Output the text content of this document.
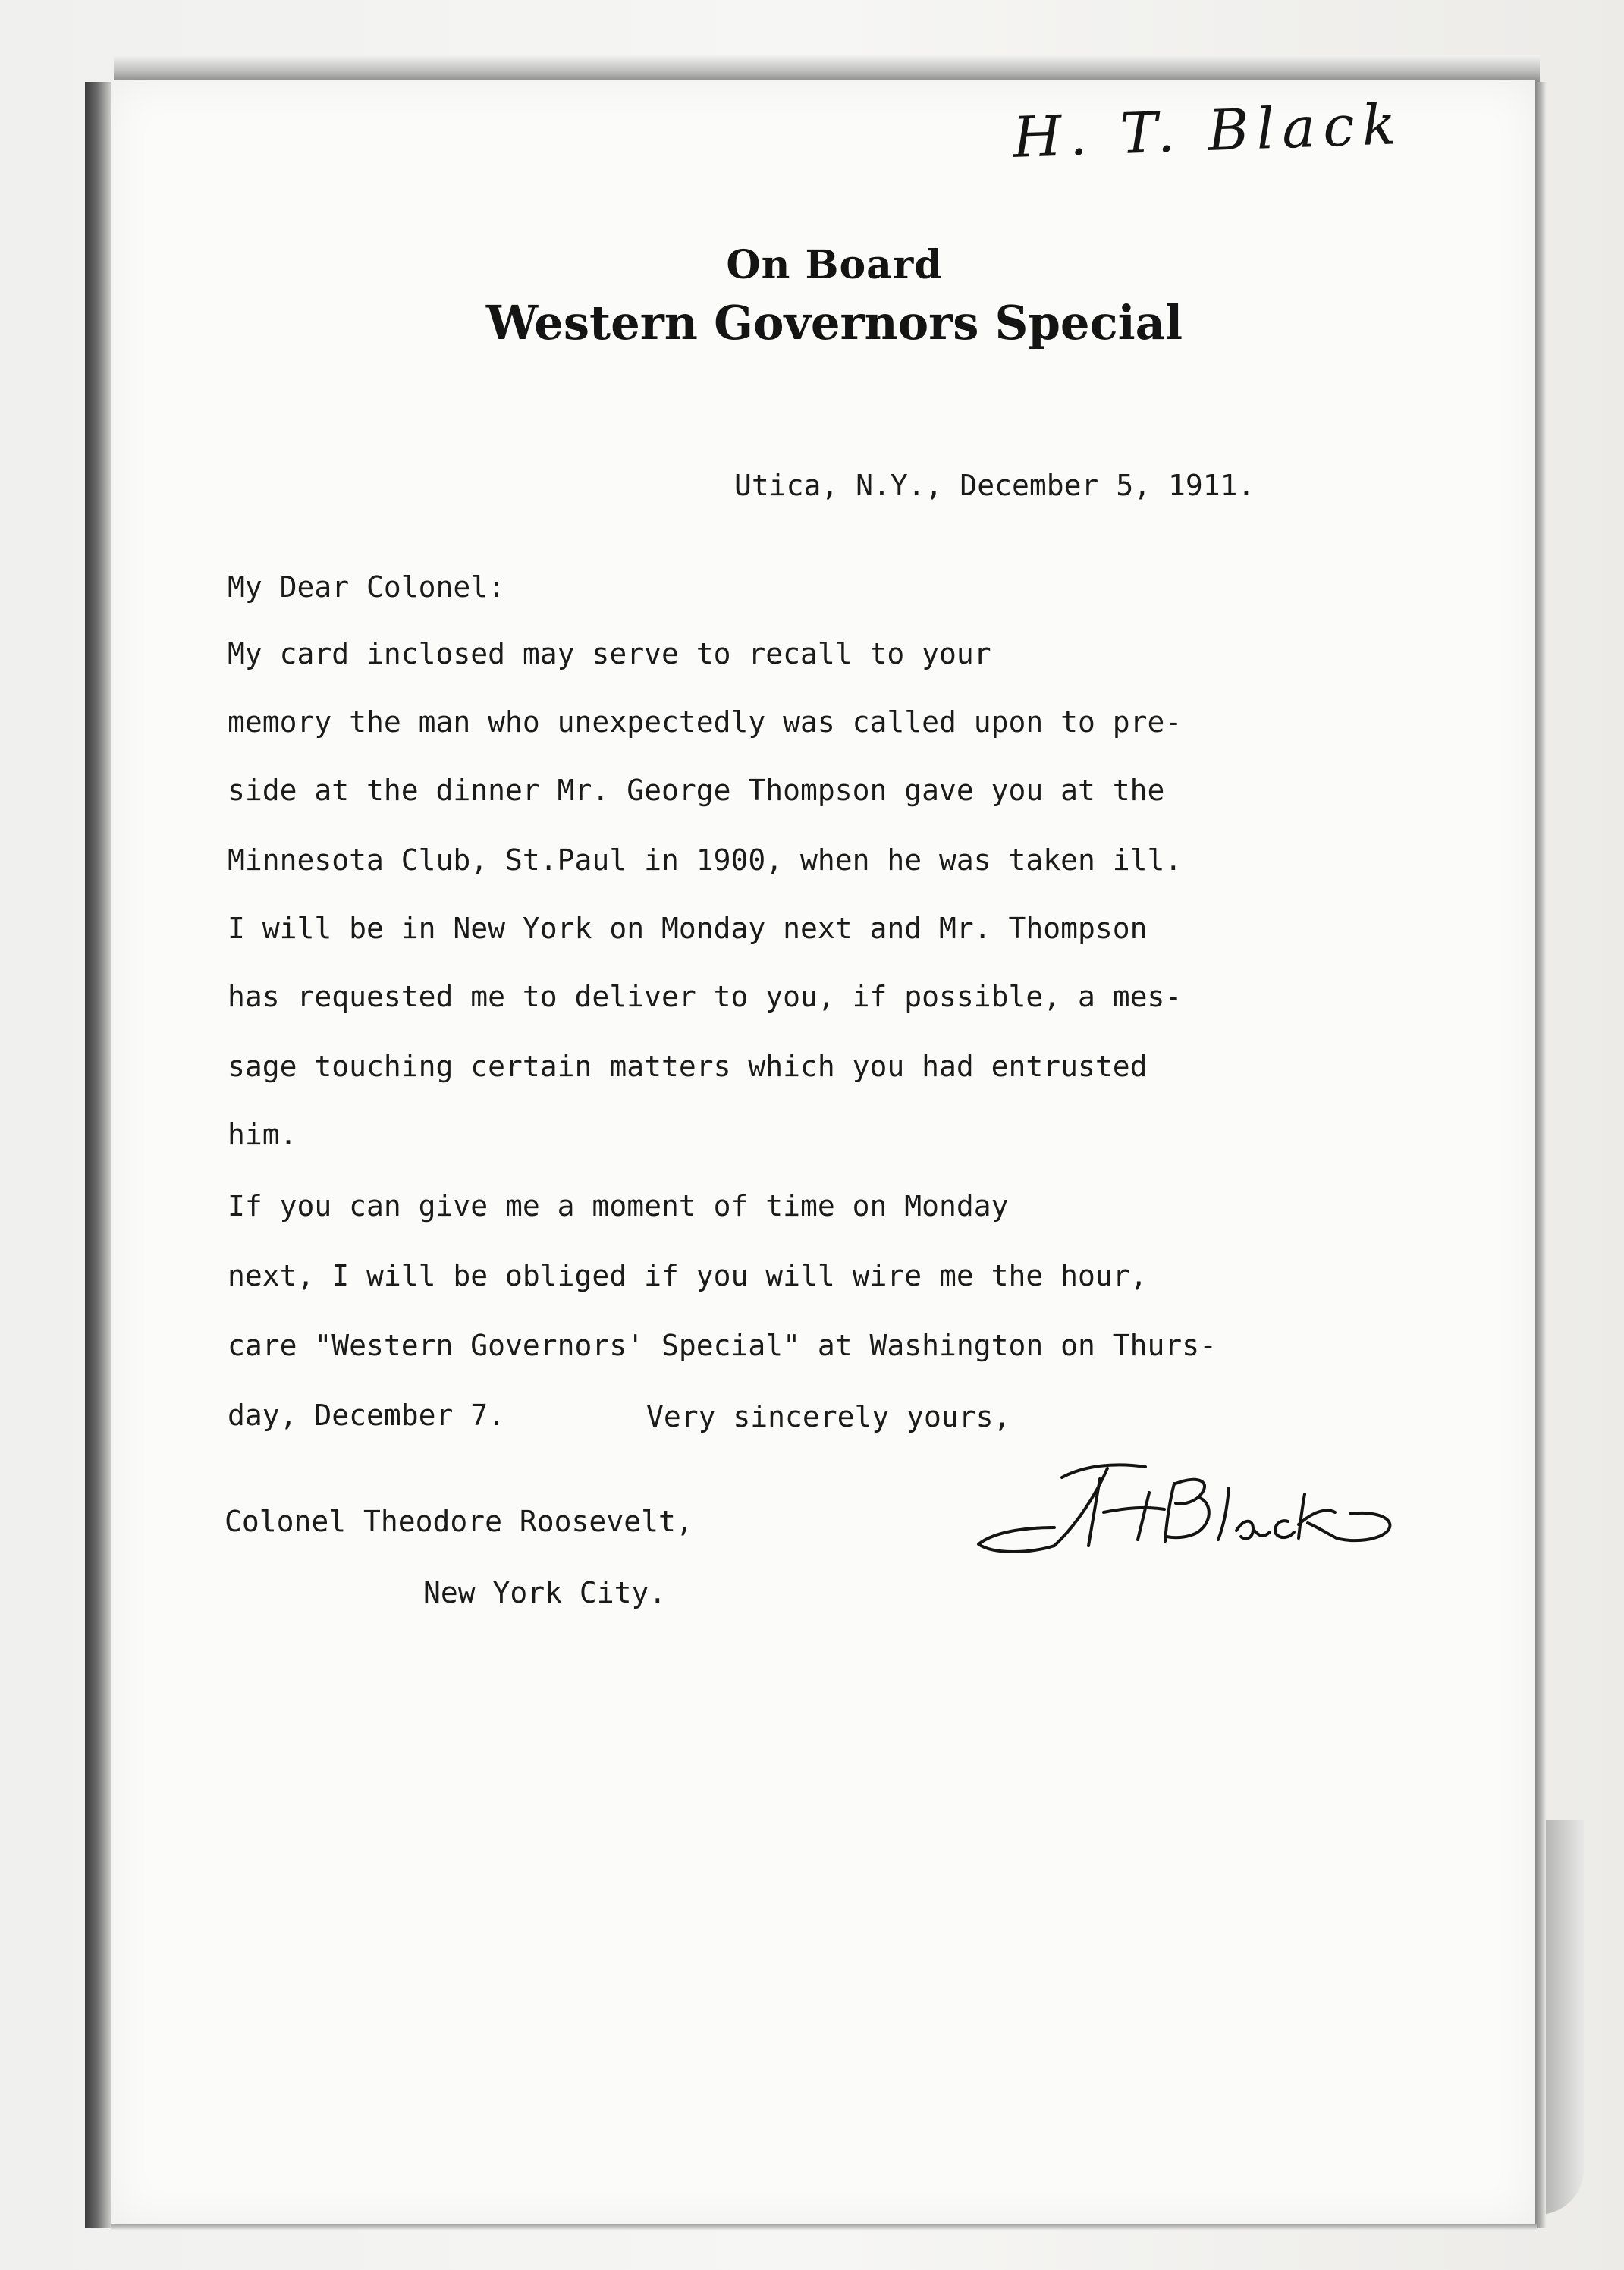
H. T. Black
On Board
Western Governors Special
Utica, N.Y., December 5, 1911.
My Dear Colonel:
My card inclosed may serve to recall to your
memory the man who unexpectedly was called upon to pre-
side at the dinner Mr. George Thompson gave you at the
Minnesota Club, St.Paul in 1900, when he was taken ill.
I will be in New York on Monday next and Mr. Thompson
has requested me to deliver to you, if possible, a mes-
sage touching certain matters which you had entrusted
him.
If you can give me a moment of time on Monday
next, I will be obliged if you will wire me the hour,
care "Western Governors' Special" at Washington on Thurs-
day, December 7.	Very sincerely yours,
H. T. Black
Colonel Theodore Roosevelt,
New York City.
